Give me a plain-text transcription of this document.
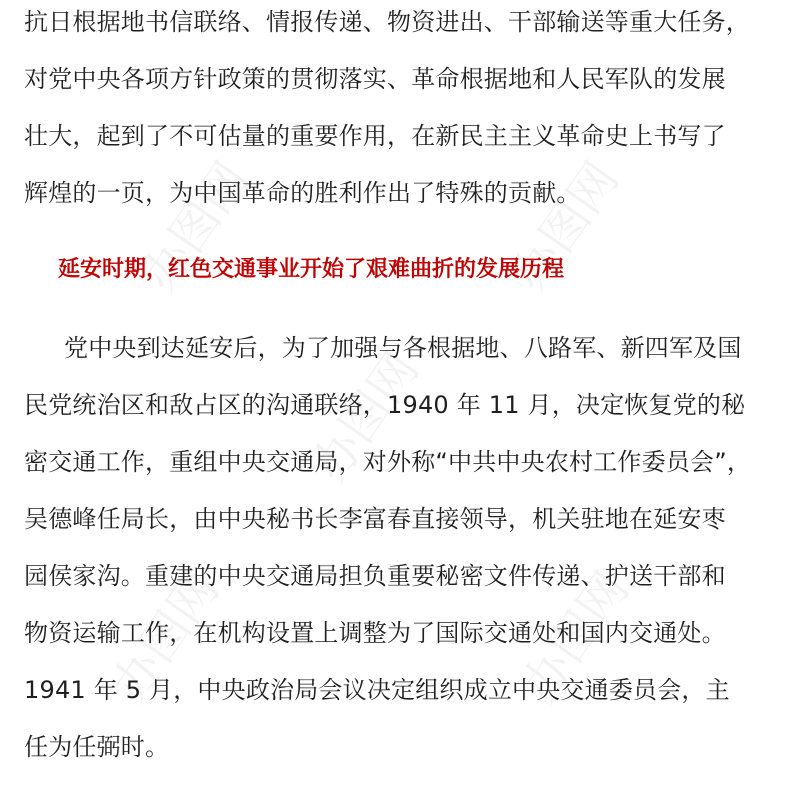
抗日根据地书信联络、情报传递、物资进出、干部输送等重大任务，
对党中央各项方针政策的贯彻落实、革命根据地和人民军队的发展
壮大，起到了不可估量的重要作用，在新民主主义革命史上书写了
辉煌的一页，为中国革命的胜利作出了特殊的贡献。
延安时期，红色交通事业开始了艰难曲折的发展历程
党中央到达延安后，为了加强与各根据地、八路军、新四军及国
民党统治区和敌占区的沟通联络，1940 年 11 月，决定恢复党的秘
密交通工作，重组中央交通局，对外称“中共中央农村工作委员会”，
吴德峰任局长，由中央秘书长李富春直接领导，机关驻地在延安枣
园侯家沟。重建的中央交通局担负重要秘密文件传递、护送干部和
物资运输工作，在机构设置上调整为了国际交通处和国内交通处。
1941 年 5 月，中央政治局会议决定组织成立中央交通委员会，主
任为任弼时。
办图网	办图网
办图网
办图网	办图网
